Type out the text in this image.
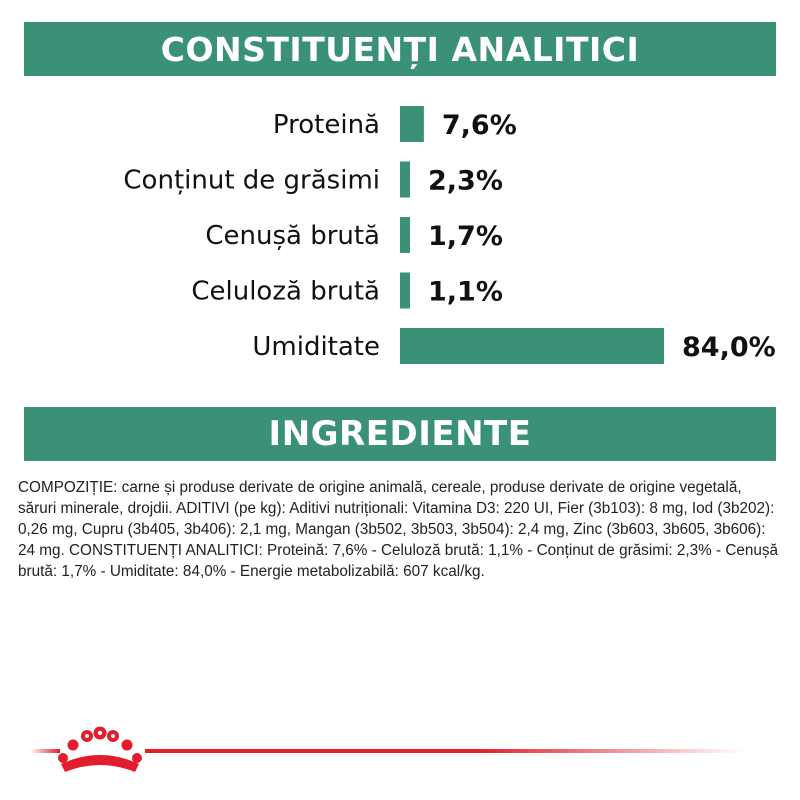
CONSTITUENȚI ANALITICI
Proteină 7,6%
Conținut de grăsimi 2,3%
Cenușă brută 1,7%
Celuloză brută 1,1%
Umiditate	84,0%
INGREDIENTE

COMPOZIȚIE: carne și produse derivate de origine animală, cereale, produse derivate de origine vegetală, săruri minerale, drojdii. ADITIVI (pe kg): Aditivi nutriționali: Vitamina D3: 220 UI, Fier (3b103): 8 mg, Iod (3b202): 0,26 mg, Cupru (3b405, 3b406): 2,1 mg, Mangan (3b502, 3b503, 3b504): 2,4 mg, Zinc (3b603, 3b605, 3b606): 24 mg. CONSTITUENȚI ANALITICI: Proteină: 7,6% - Celuloză brută: 1,1% - Conținut de grăsimi: 2,3% - Cenușă brută: 1,7% - Umiditate: 84,0% - Energie metabolizabilă: 607 kcal/kg.
